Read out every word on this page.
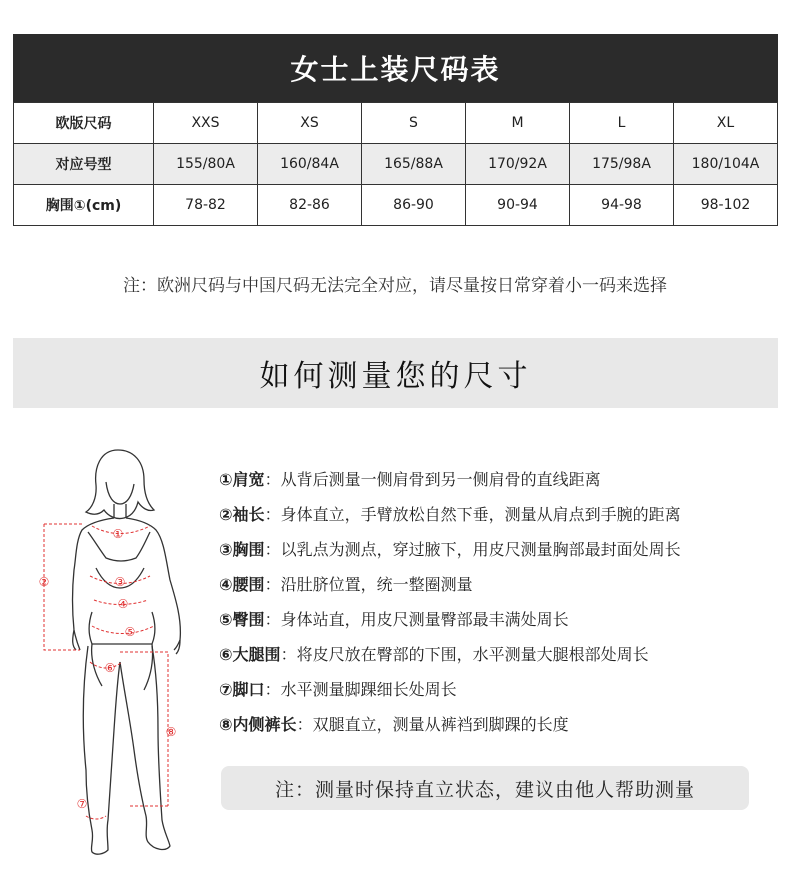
女士上装尺码表
欧版尺码	XXS	XS	S	M	L	XL
对应号型	155/80A	160/84A	165/88A	170/92A	175/98A	180/104A
胸围①(cm)	78-82	82-86	86-90	90-94	94-98	98-102
注：欧洲尺码与中国尺码无法完全对应，请尽量按日常穿着小一码来选择
如何测量您的尺寸
①
②	③
④
⑤
⑥
⑦
⑧
①肩宽：从背后测量一侧肩骨到另一侧肩骨的直线距离
②袖长：身体直立，手臂放松自然下垂，测量从肩点到手腕的距离
③胸围：以乳点为测点，穿过腋下，用皮尺测量胸部最封面处周长
④腰围：沿肚脐位置，统一整圈测量
⑤臀围：身体站直，用皮尺测量臀部最丰满处周长
⑥大腿围：将皮尺放在臀部的下围，水平测量大腿根部处周长
⑦脚口：水平测量脚踝细长处周长
⑧内侧裤长：双腿直立，测量从裤裆到脚踝的长度
注：测量时保持直立状态，建议由他人帮助测量
